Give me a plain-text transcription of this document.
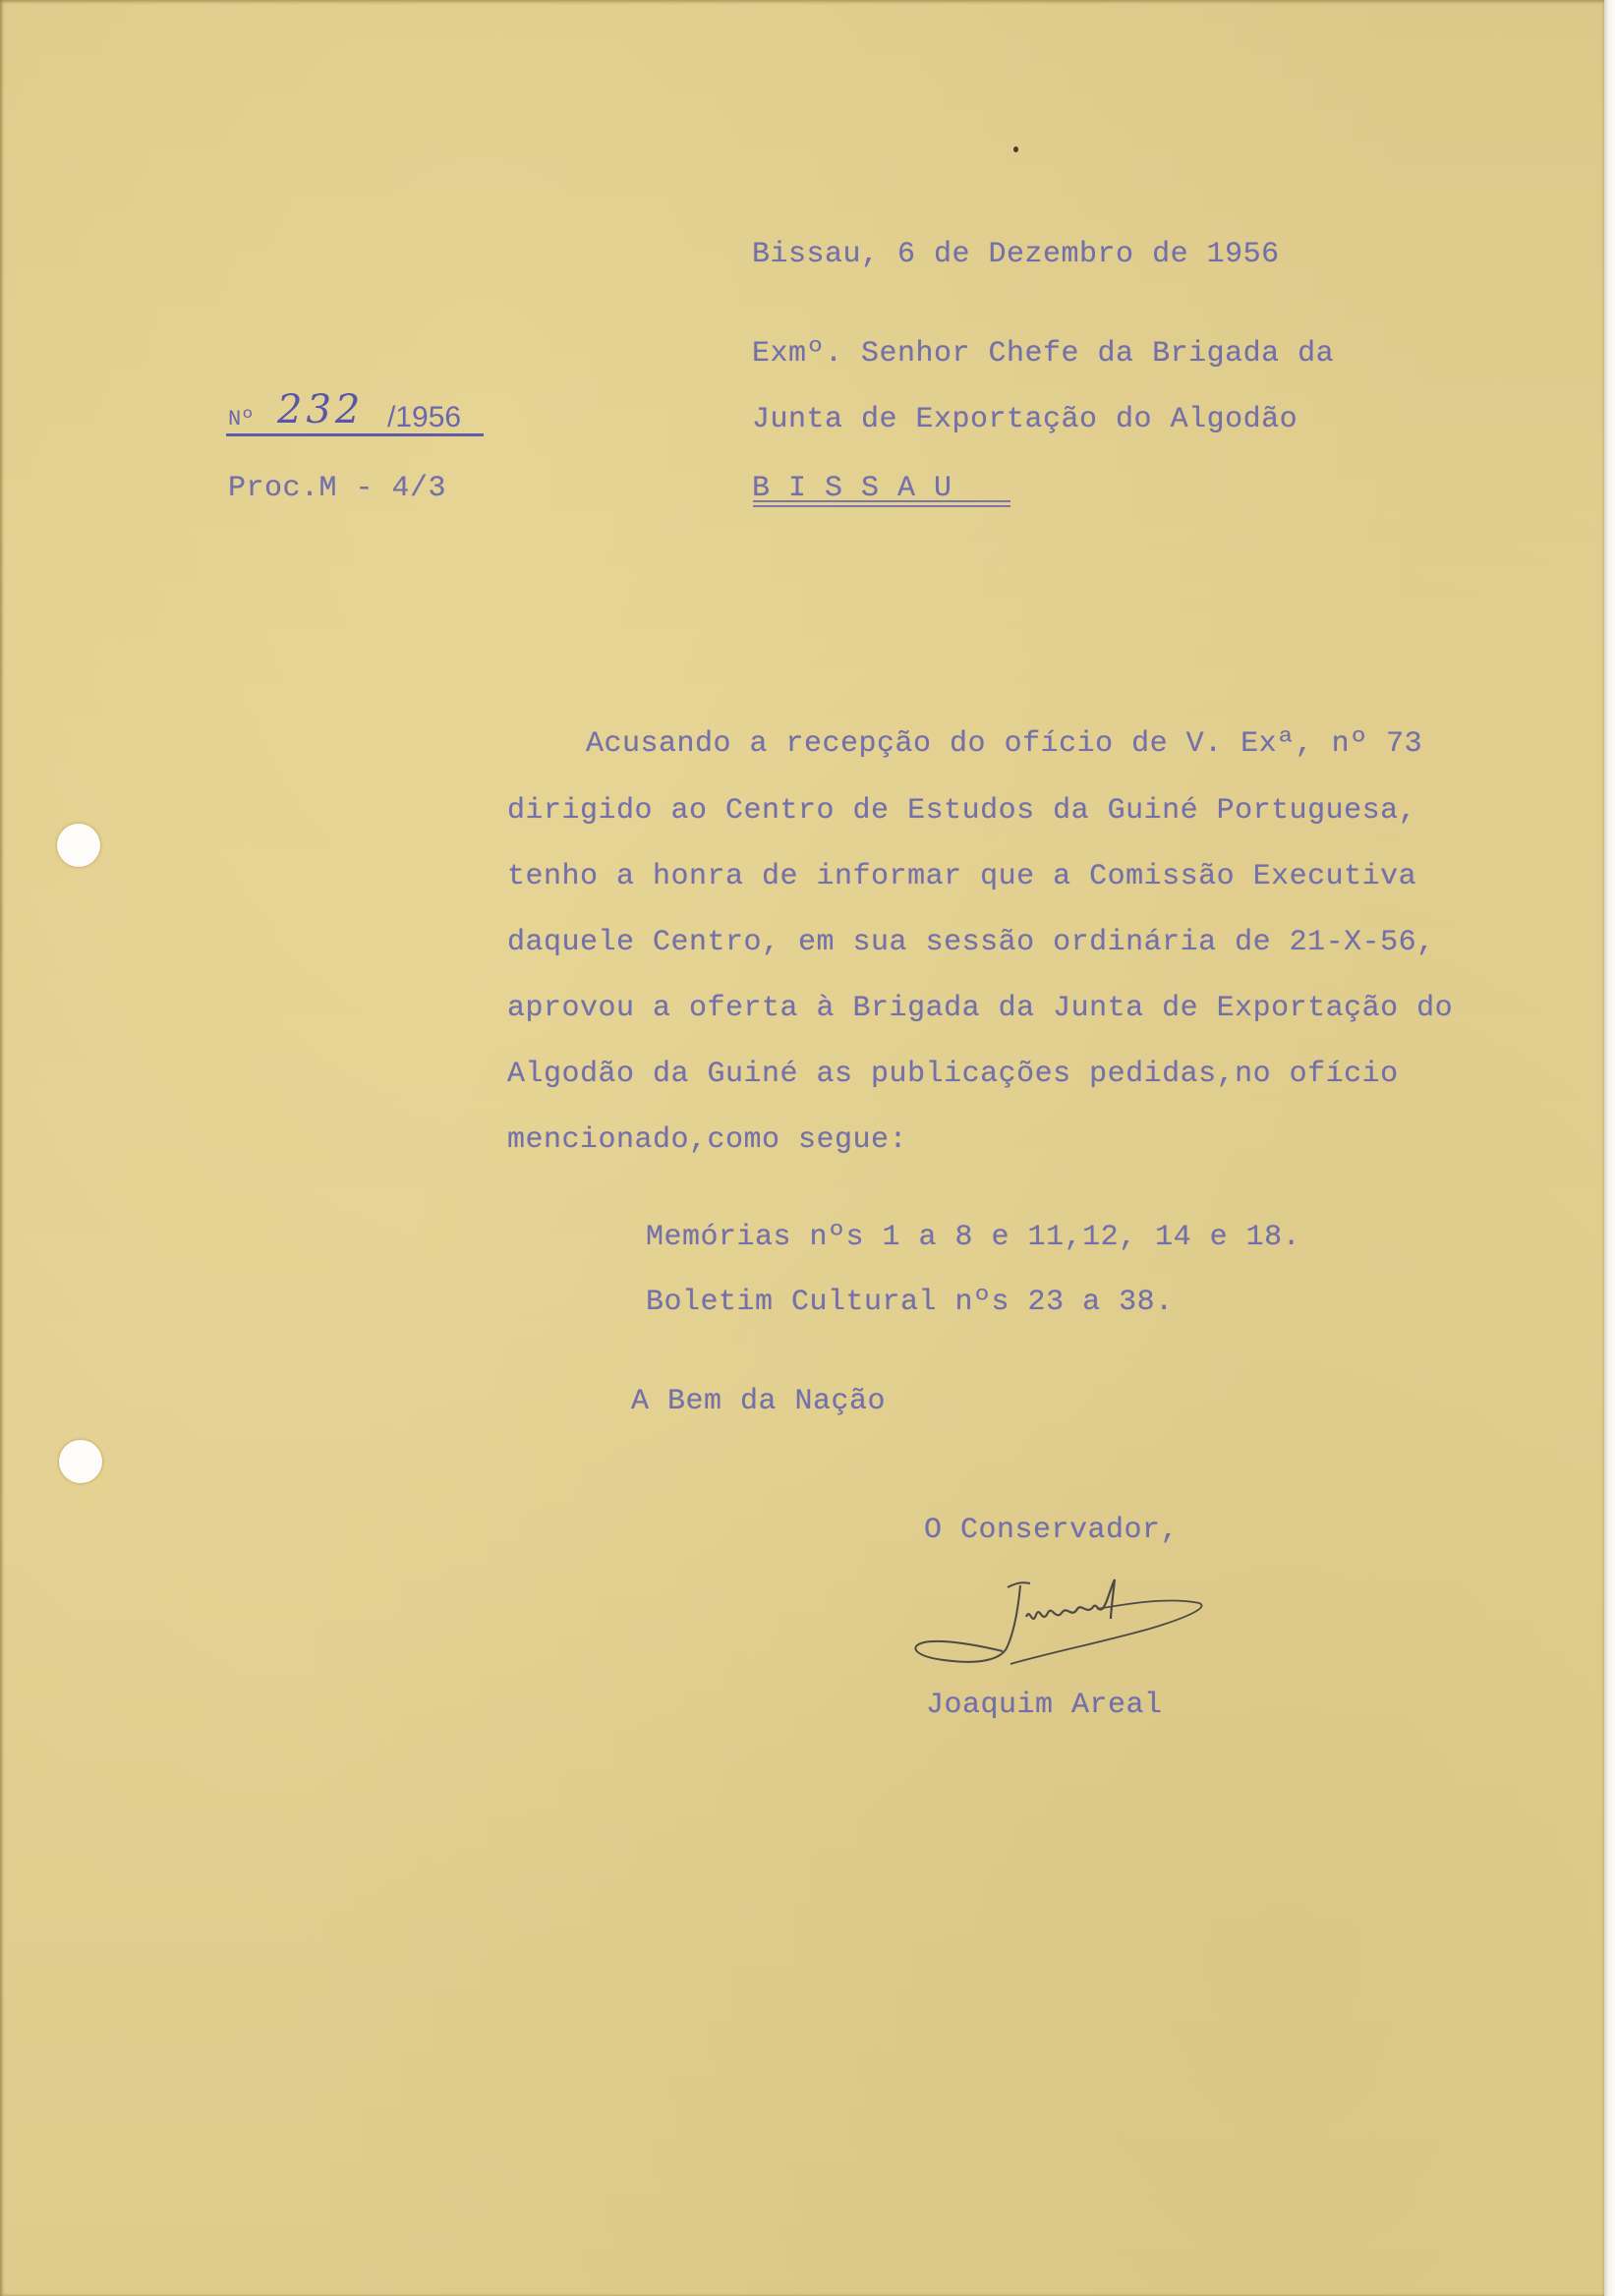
Bissau, 6 de Dezembro de 1956
Nº 232 /1956
Proc.M - 4/3
Exmº. Senhor Chefe da Brigada da
Junta de Exportação do Algodão
B I S S A U
Acusando a recepção do ofício de V. Exª, nº 73
dirigido ao Centro de Estudos da Guiné Portuguesa,
tenho a honra de informar que a Comissão Executiva
daquele Centro, em sua sessão ordinária de 21-X-56,
aprovou a oferta à Brigada da Junta de Exportação do
Algodão da Guiné as publicações pedidas,no ofício
mencionado,como segue:
Memórias nºs 1 a 8 e 11,12, 14 e 18.
Boletim Cultural nºs 23 a 38.
A Bem da Nação
O Conservador,
Joaquim Areal
